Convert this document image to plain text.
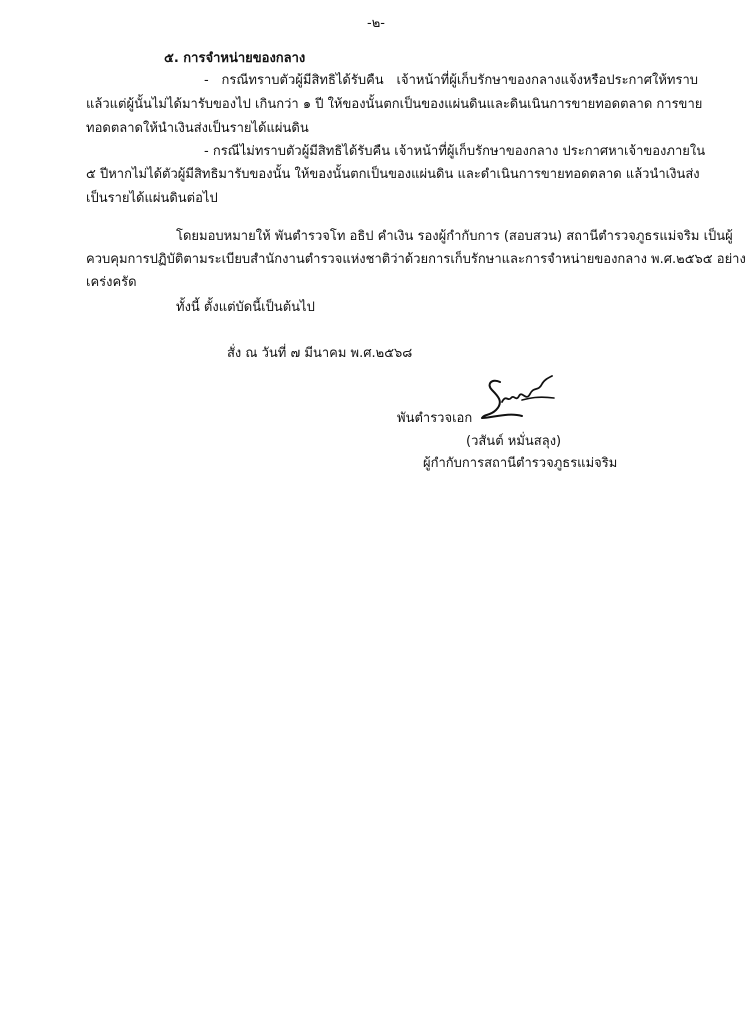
-๒-
๕. การจำหน่ายของกลาง
- กรณีทราบตัวผู้มีสิทธิได้รับคืน เจ้าหน้าที่ผู้เก็บรักษาของกลางแจ้งหรือประกาศให้ทราบ
แล้วแต่ผู้นั้นไม่ได้มารับของไป เกินกว่า ๑ ปี ให้ของนั้นตกเป็นของแผ่นดินและดินเนินการขายทอดตลาด การขาย
ทอดตลาดให้นำเงินส่งเป็นรายได้แผ่นดิน
- กรณีไม่ทราบตัวผู้มีสิทธิได้รับคืน เจ้าหน้าที่ผู้เก็บรักษาของกลาง ประกาศหาเจ้าของภายใน
๕ ปีหากไม่ได้ตัวผู้มีสิทธิมารับของนั้น ให้ของนั้นตกเป็นของแผ่นดิน และดำเนินการขายทอดตลาด แล้วนำเงินส่ง
เป็นรายได้แผ่นดินต่อไป
โดยมอบหมายให้ พันตำรวจโท อธิป คำเงิน รองผู้กำกับการ (สอบสวน) สถานีตำรวจภูธรแม่จริม เป็นผู้
ควบคุมการปฏิบัติตามระเบียบสำนักงานตำรวจแห่งชาติว่าด้วยการเก็บรักษาและการจำหน่ายของกลาง พ.ศ.๒๕๖๕ อย่าง
เคร่งครัด
ทั้งนี้ ตั้งแต่บัดนี้เป็นต้นไป
สั่ง ณ วันที่ ๗ มีนาคม พ.ศ.๒๕๖๘
พันตำรวจเอก
(วสันต์ หมั่นสลุง)
ผู้กำกับการสถานีตำรวจภูธรแม่จริม
